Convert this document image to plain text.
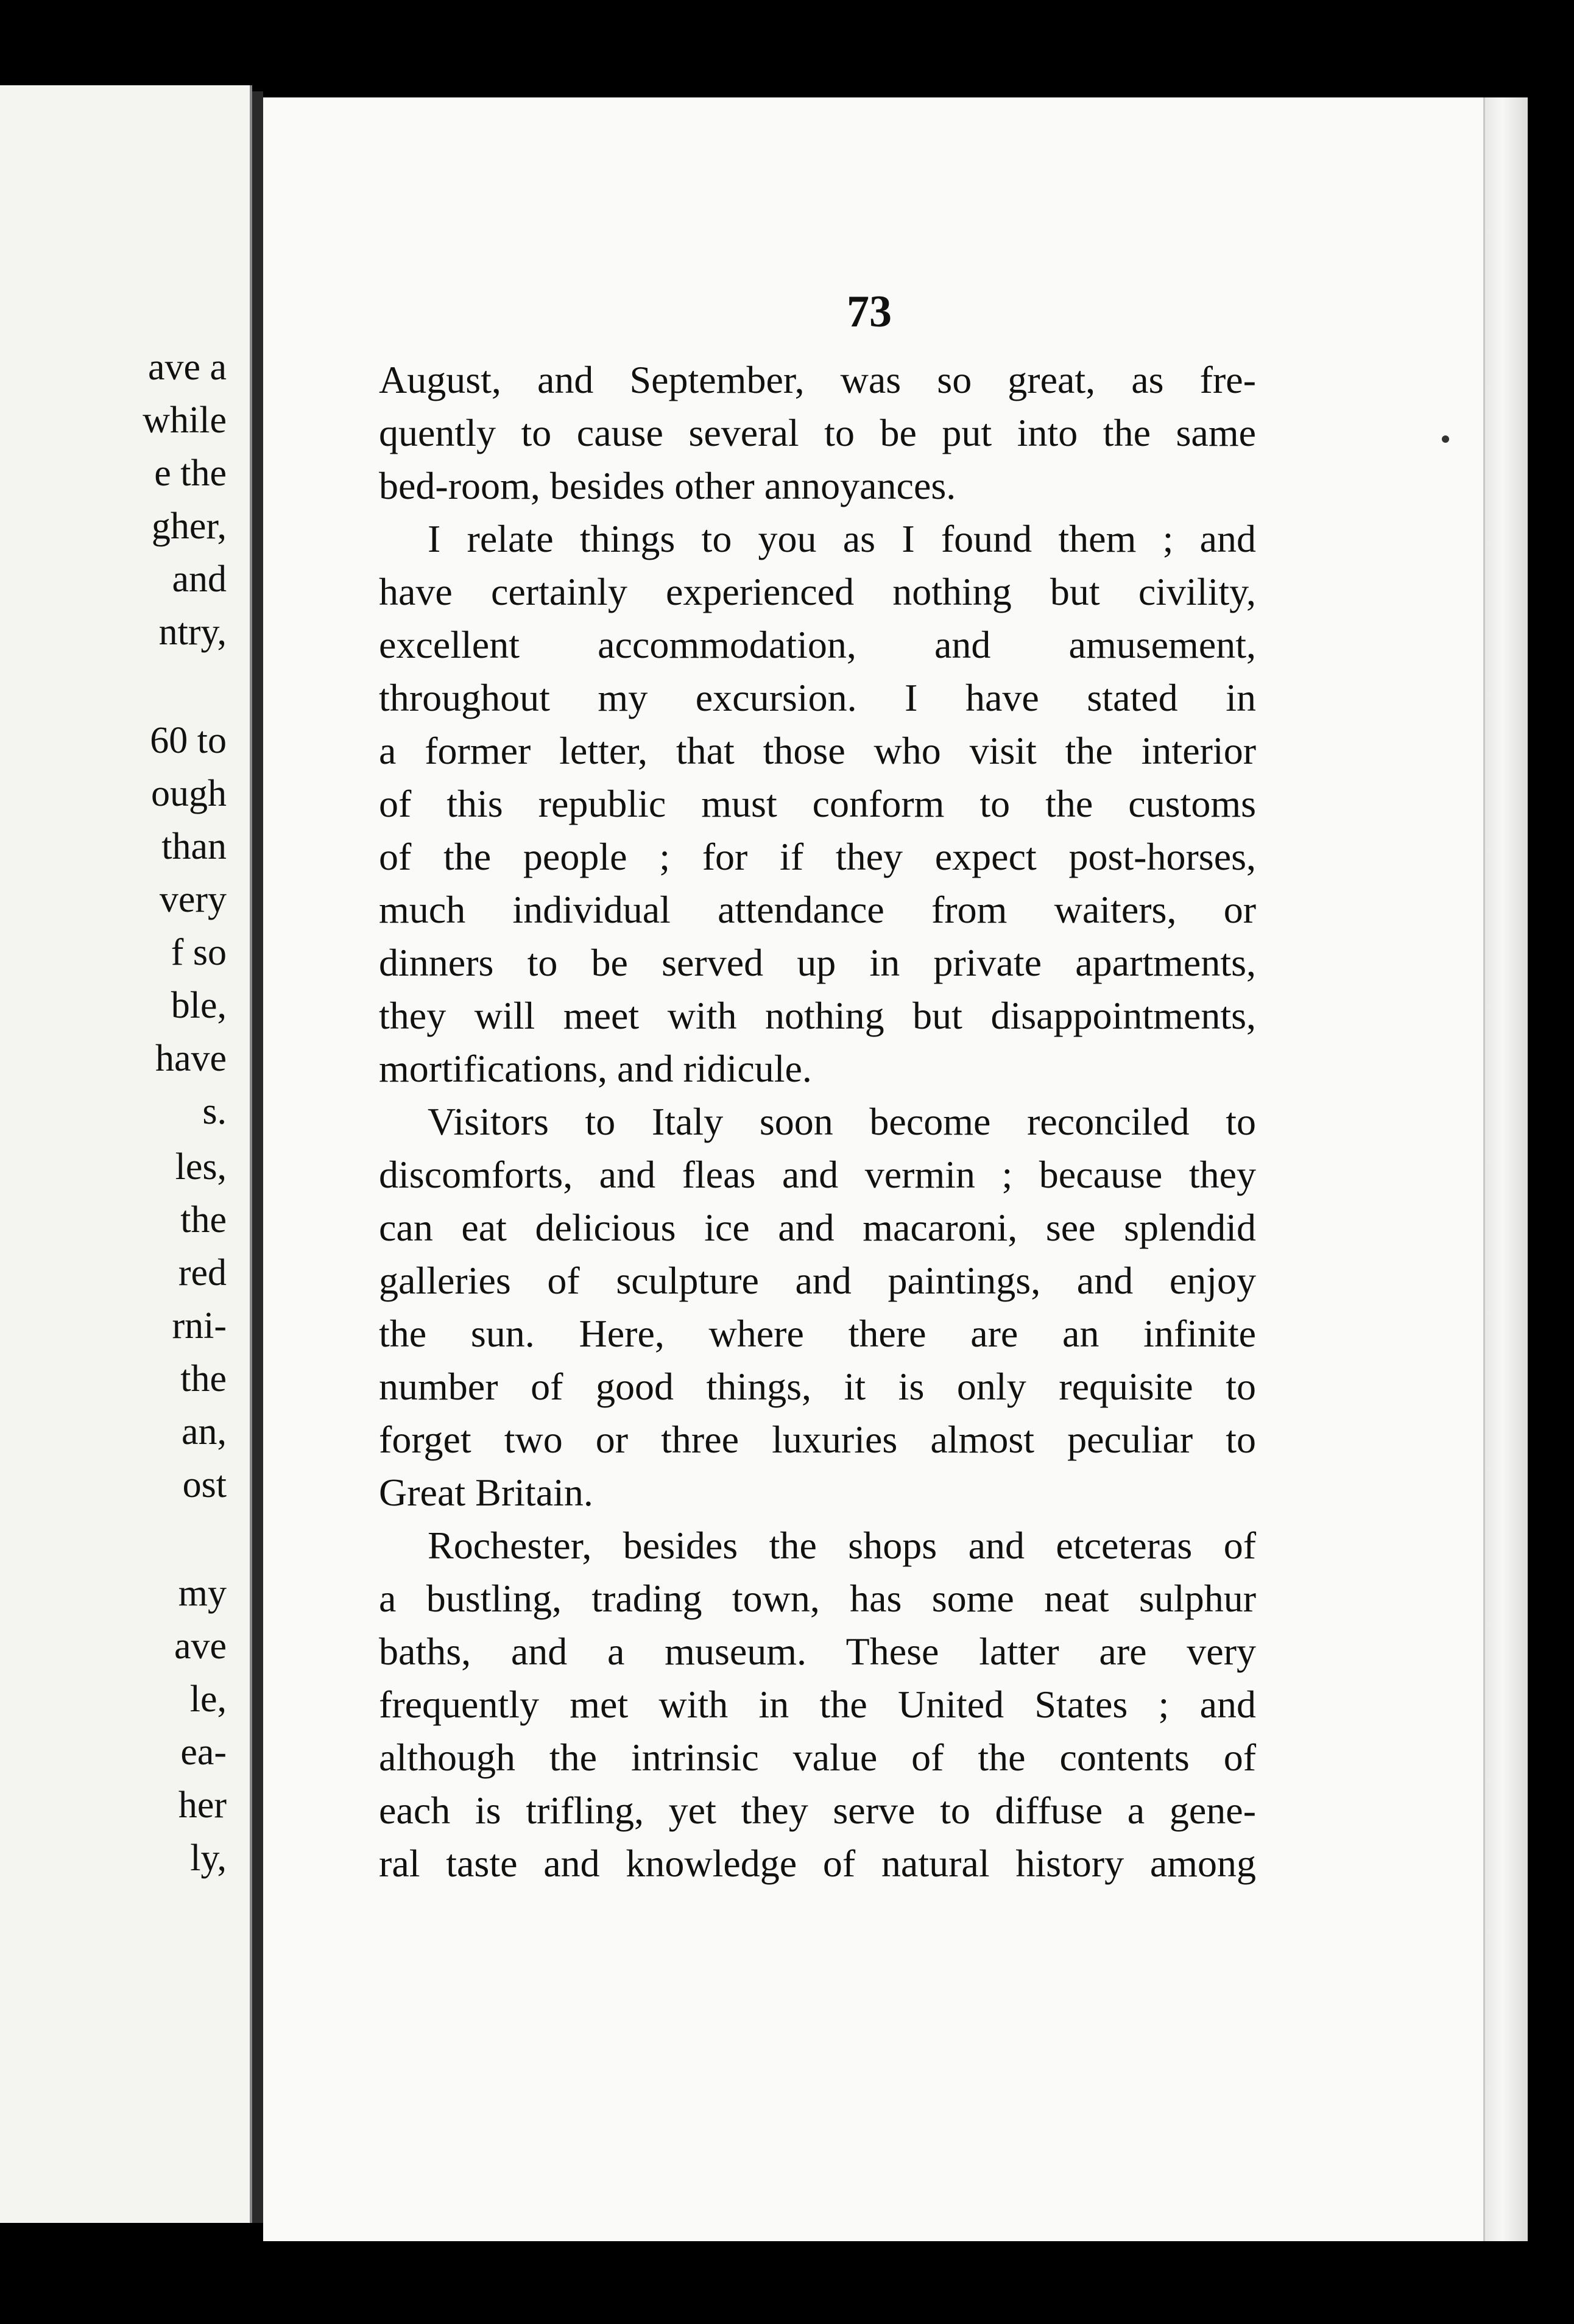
ave a
while
e the
gher,
and
ntry,
60 to
ough
than
very
f so
ble,
have
s.
les,
the
red
rni-
the
an,
ost
my
ave
le,
ea-
her
ly,
73
August, and September, was so great, as fre-
quently to cause several to be put into the same
bed-room, besides other annoyances.
I relate things to you as I found them ; and
have certainly experienced nothing but civility,
excellent accommodation, and amusement,
throughout my excursion. I have stated in
a former letter, that those who visit the interior
of this republic must conform to the customs
of the people ; for if they expect post-horses,
much individual attendance from waiters, or
dinners to be served up in private apartments,
they will meet with nothing but disappointments,
mortifications, and ridicule.
Visitors to Italy soon become reconciled to
discomforts, and fleas and vermin ; because they
can eat delicious ice and macaroni, see splendid
galleries of sculpture and paintings, and enjoy
the sun. Here, where there are an infinite
number of good things, it is only requisite to
forget two or three luxuries almost peculiar to
Great Britain.
Rochester, besides the shops and etceteras of
a bustling, trading town, has some neat sulphur
baths, and a museum. These latter are very
frequently met with in the United States ; and
although the intrinsic value of the contents of
each is trifling, yet they serve to diffuse a gene-
ral taste and knowledge of natural history among
